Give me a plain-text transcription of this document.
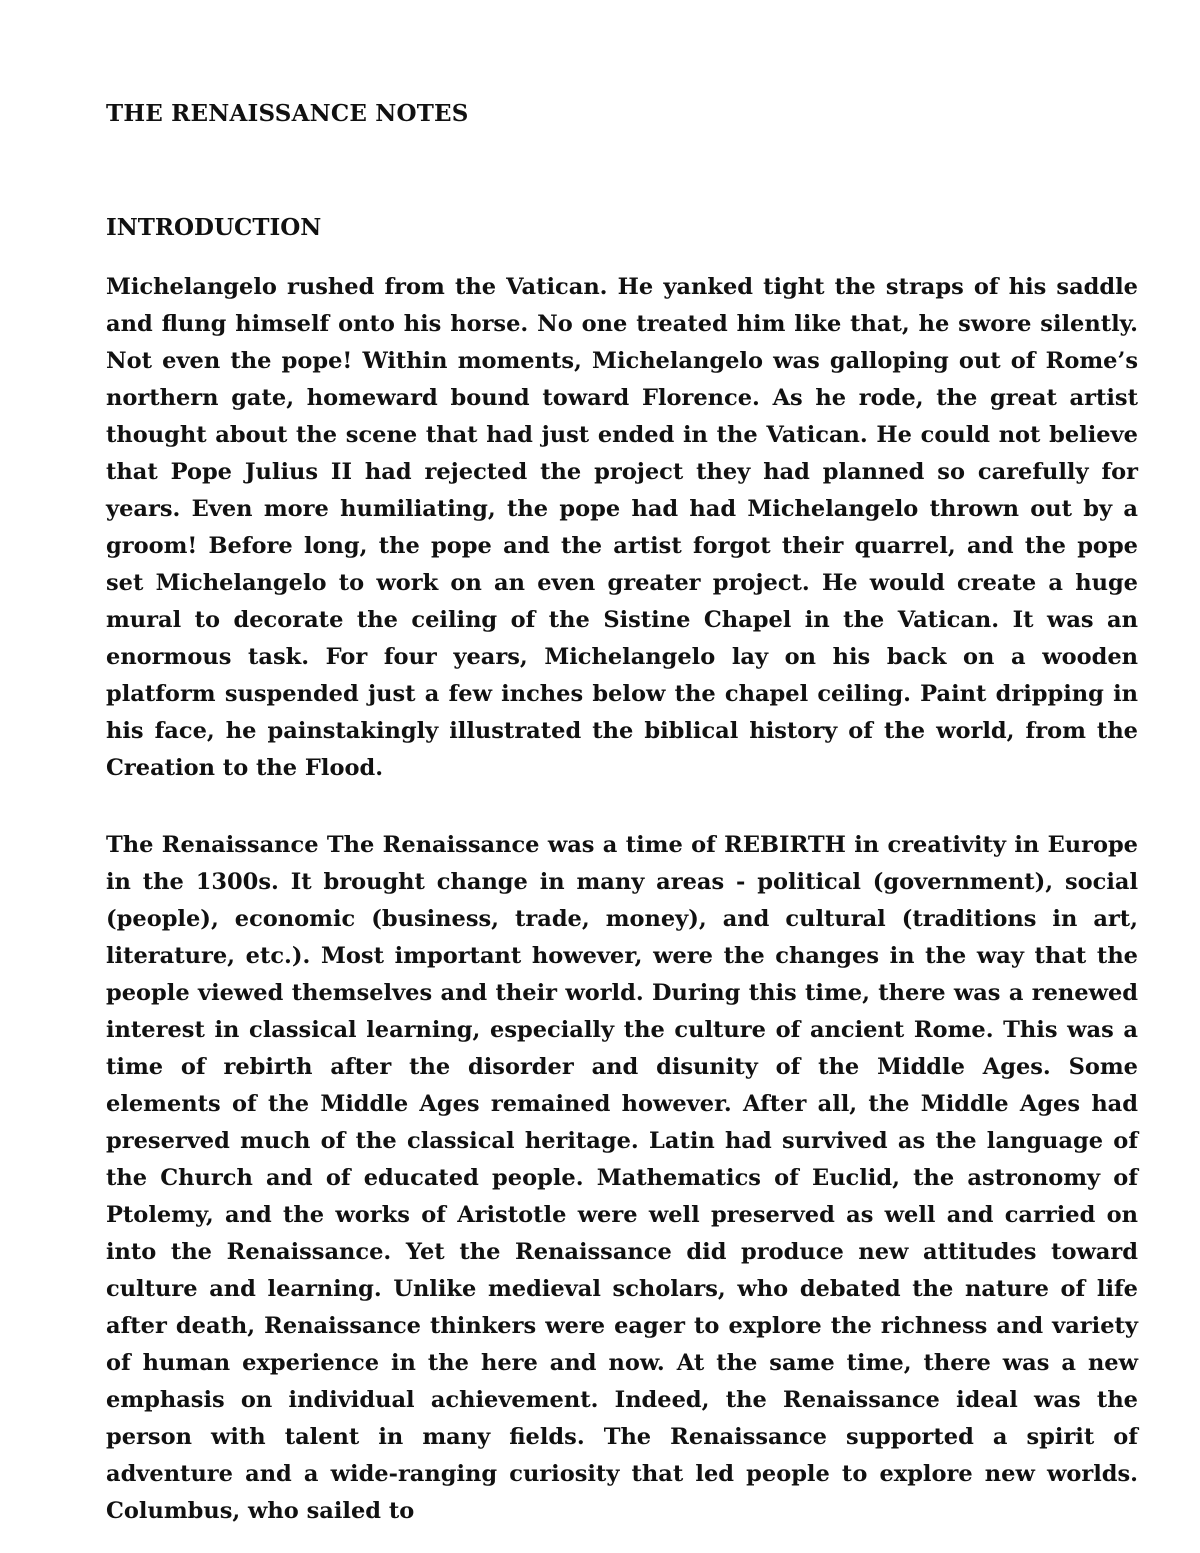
THE RENAISSANCE NOTES
INTRODUCTION

Michelangelo rushed from the Vatican. He yanked tight the straps of his saddle and flung himself onto his horse. No one treated him like that, he swore silently. Not even the pope! Within moments, Michelangelo was galloping out of Rome’s northern gate, homeward bound toward Florence. As he rode, the great artist thought about the scene that had just ended in the Vatican. He could not believe that Pope Julius II had rejected the project they had planned so carefully for years. Even more humiliating, the pope had had Michelangelo thrown out by a groom! Before long, the pope and the artist forgot their quarrel, and the pope set Michelangelo to work on an even greater project. He would create a huge mural to decorate the ceiling of the Sistine Chapel in the Vatican. It was an enormous task. For four years, Michelangelo lay on his back on a wooden platform suspended just a few inches below the chapel ceiling. Paint dripping in his face, he painstakingly illustrated the biblical history of the world, from the Creation to the Flood.

The Renaissance The Renaissance was a time of REBIRTH in creativity in Europe in the 1300s. It brought change in many areas - political (government), social (people), economic (business, trade, money), and cultural (traditions in art, literature, etc.). Most important however, were the changes in the way that the people viewed themselves and their world. During this time, there was a renewed interest in classical learning, especially the culture of ancient Rome. This was a time of rebirth after the disorder and disunity of the Middle Ages. Some elements of the Middle Ages remained however. After all, the Middle Ages had preserved much of the classical heritage. Latin had survived as the language of the Church and of educated people. Mathematics of Euclid, the astronomy of Ptolemy, and the works of Aristotle were well preserved as well and carried on into the Renaissance. Yet the Renaissance did produce new attitudes toward culture and learning. Unlike medieval scholars, who debated the nature of life after death, Renaissance thinkers were eager to explore the richness and variety of human experience in the here and now. At the same time, there was a new emphasis on individual achievement. Indeed, the Renaissance ideal was the person with talent in many fields. The Renaissance supported a spirit of adventure and a wide-ranging curiosity that led people to explore new worlds. Columbus, who sailed to
